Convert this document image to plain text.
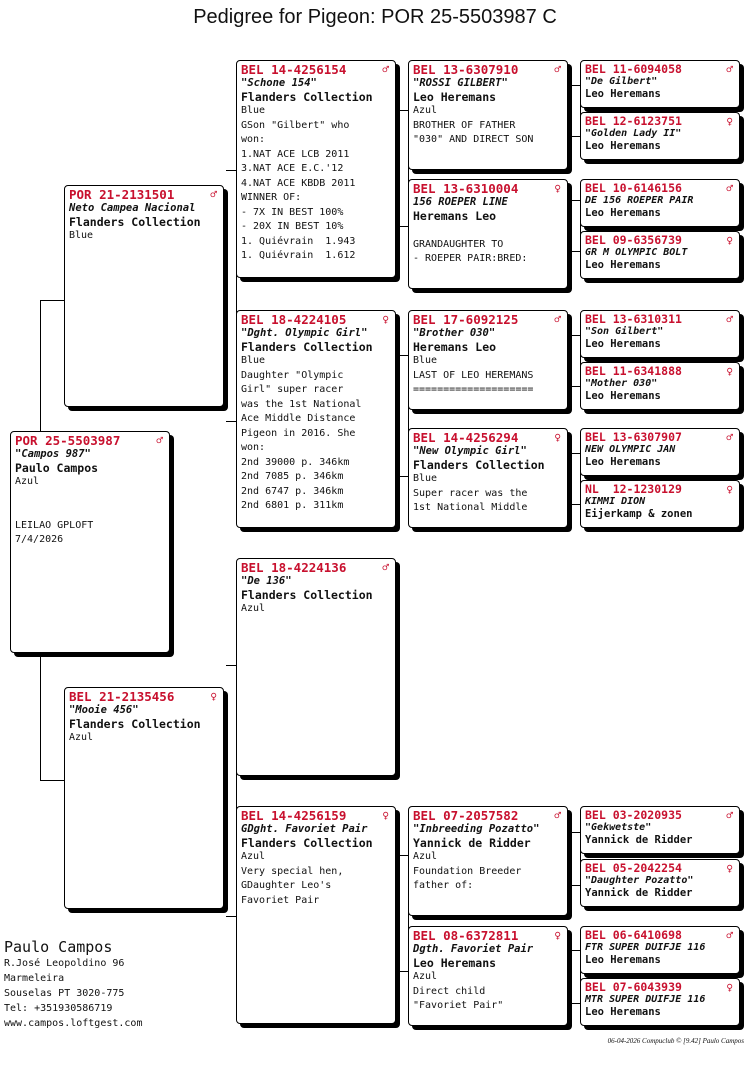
Pedigree for Pigeon: POR 25-5503987 C
POR 25-5503987	♂
"Campos 987"
Paulo Campos
Azul

LEILAO GPLOFT
7/4/2026
POR 21-2131501	♂
Neto Campea Nacional
Flanders Collection
Blue
BEL 21-2135456	♀
"Mooie 456"
Flanders Collection
Azul
BEL 14-4256154	♂
"Schone 154"
Flanders Collection
Blue
GSon "Gilbert" who
won:
1.NAT ACE LCB 2011
3.NAT ACE E.C.'12
4.NAT ACE KBDB 2011
WINNER OF:
- 7X IN BEST 100%
- 20X IN BEST 10%
1. Quiévrain  1.943
1. Quiévrain  1.612
BEL 18-4224105	♀
"Dght. Olympic Girl"
Flanders Collection
Blue
Daughter "Olympic
Girl" super racer
was the 1st National
Ace Middle Distance
Pigeon in 2016. She
won:
2nd 39000 p. 346km
2nd 7085 p. 346km
2nd 6747 p. 346km
2nd 6801 p. 311km
BEL 18-4224136	♂
"De 136"
Flanders Collection
Azul
BEL 14-4256159	♀
GDght. Favoriet Pair
Flanders Collection
Azul
Very special hen,
GDaughter Leo's
Favoriet Pair
BEL 13-6307910	♂
"ROSSI GILBERT"
Leo Heremans
Azul
BROTHER OF FATHER
"030" AND DIRECT SON
BEL 13-6310004	♀
156 ROEPER LINE
Heremans Leo

GRANDAUGHTER TO
- ROEPER PAIR:BRED:
BEL 17-6092125	♂
"Brother 030"
Heremans Leo
Blue
LAST OF LEO HEREMANS
====================
BEL 14-4256294	♀
"New Olympic Girl"
Flanders Collection
Blue
Super racer was the
1st National Middle
BEL 07-2057582	♂
"Inbreeding Pozatto"
Yannick de Ridder
Azul
Foundation Breeder
father of:
BEL 08-6372811	♀
Dgth. Favoriet Pair
Leo Heremans
Azul
Direct child
"Favoriet Pair"
BEL 11-6094058	♂
"De Gilbert"
Leo Heremans
BEL 12-6123751	♀
"Golden Lady II"
Leo Heremans
BEL 10-6146156	♂
DE 156 ROEPER PAIR
Leo Heremans
BEL 09-6356739	♀
GR M OLYMPIC BOLT
Leo Heremans
BEL 13-6310311	♂
"Son Gilbert"
Leo Heremans
BEL 11-6341888	♀
"Mother 030"
Leo Heremans
BEL 13-6307907	♂
NEW OLYMPIC JAN
Leo Heremans
NL  12-1230129	♀
KIMMI DION
Eijerkamp & zonen
BEL 03-2020935	♂
"Gekwetste"
Yannick de Ridder
BEL 05-2042254	♀
"Daughter Pozatto"
Yannick de Ridder
BEL 06-6410698	♂
FTR SUPER DUIFJE 116
Leo Heremans
BEL 07-6043939	♀
MTR SUPER DUIFJE 116
Leo Heremans
Paulo Campos
R.José Leopoldino 96
Marmeleira
Souselas PT 3020-775
Tel: +351930586719
www.campos.loftgest.com
06-04-2026 Compuclub © [9.42] Paulo Campos
